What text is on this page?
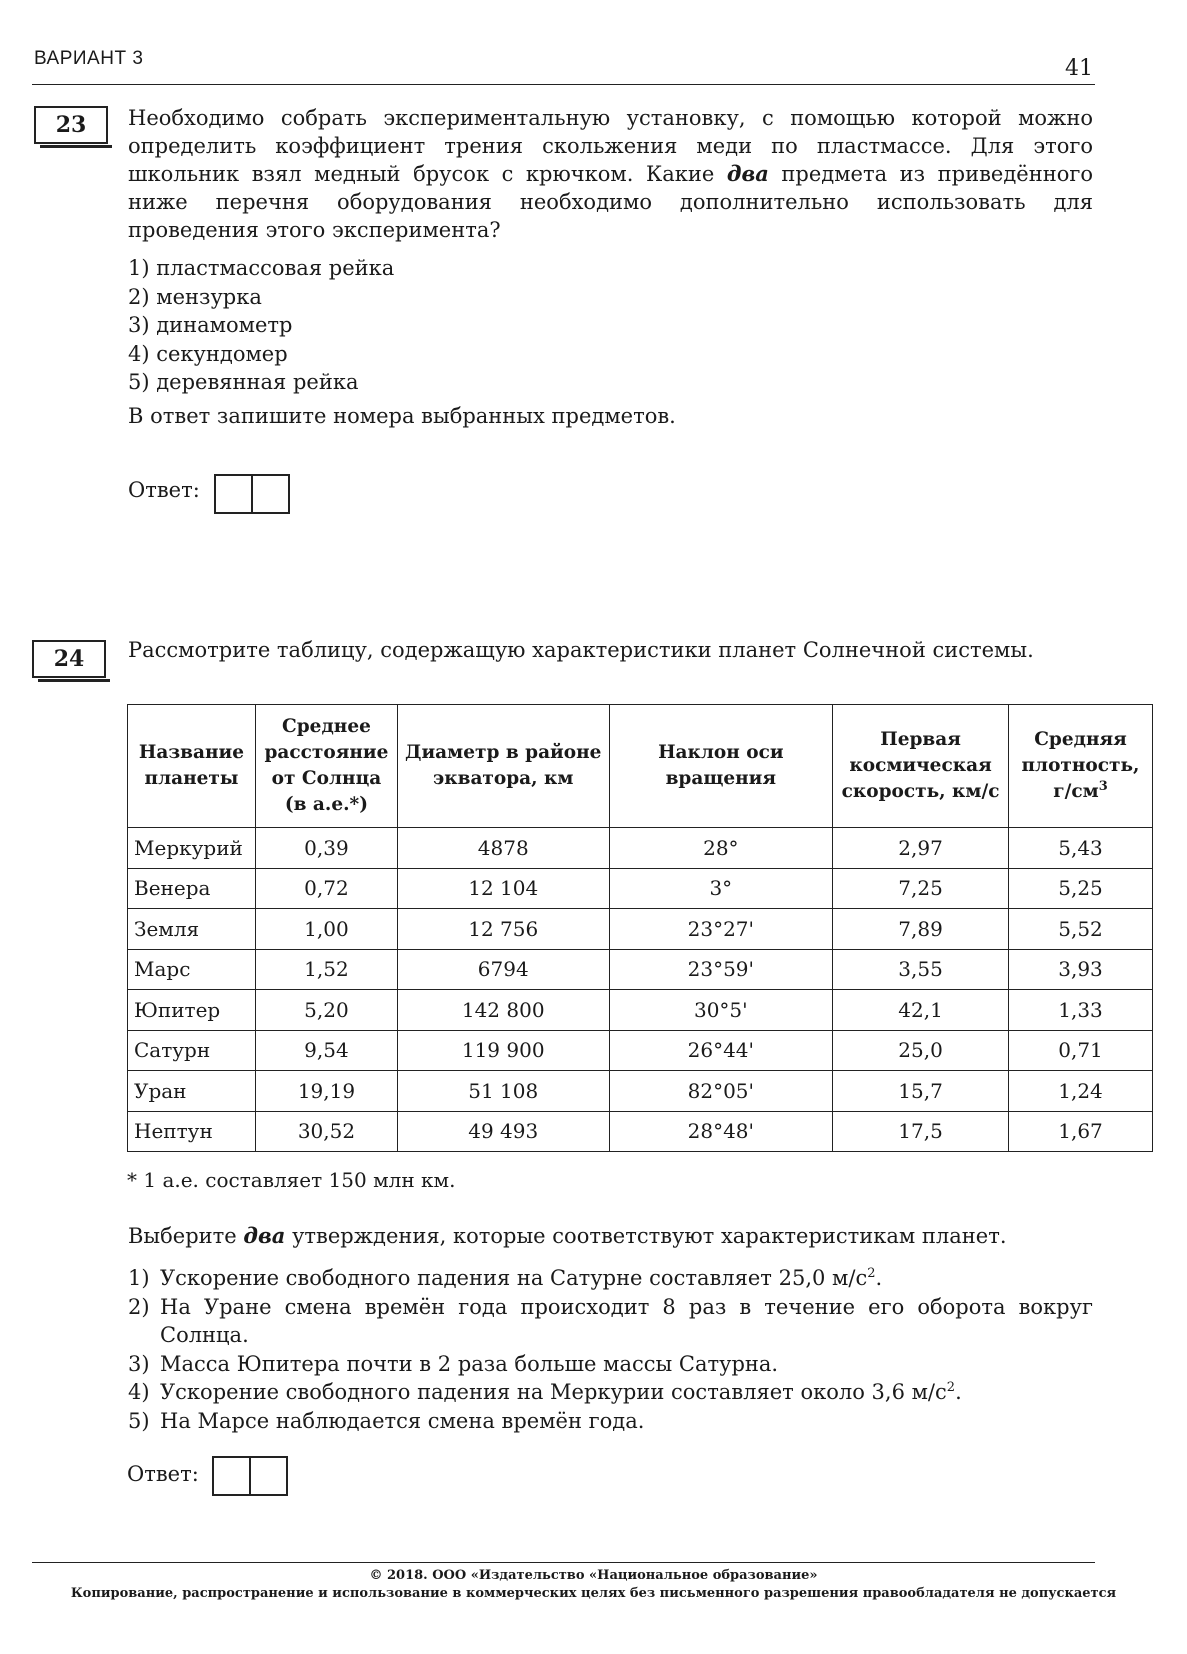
ВАРИАНТ 3	41
23	Необходимо собрать экспериментальную установку, с помощью которой можно
определить коэффициент трения скольжения меди по пластмассе. Для этого
школьник взял медный брусок с крючком. Какие два предмета из приведённого
ниже перечня оборудования необходимо дополнительно использовать для
проведения этого эксперимента?
1) пластмассовая рейка
2) мензурка
3) динамометр
4) секундомер
5) деревянная рейка
В ответ запишите номера выбранных предметов.
Ответ:
24	Рассмотрите таблицу, содержащую характеристики планет Солнечной системы.
Название планеты	Среднее расстояние от Солнца (в а.е.*)	Диаметр в районе экватора, км	Наклон оси вращения	Первая космическая скорость, км/с	Средняя плотность, $г/см^3$
Меркурий	0,39	4878	28°	2,97	5,43
Венера	0,72	12 104	3°	7,25	5,25
Земля	1,00	12 756	23°27'	7,89	5,52
Марс	1,52	6794	23°59'	3,55	3,93
Юпитер	5,20	142 800	30°5'	42,1	1,33
Сатурн	9,54	119 900	26°44'	25,0	0,71
Уран	19,19	51 108	82°05'	15,7	1,24
Нептун	30,52	49 493	28°48'	17,5	1,67
* 1 а.е. составляет 150 млн км.
Выберите два утверждения, которые соответствуют характеристикам планет.
1) Ускорение свободного падения на Сатурне составляет 25,0 $м/с^2$.
2) На Уране смена времён года происходит 8 раз в течение его оборота вокруг
Солнца.
3) Масса Юпитера почти в 2 раза больше массы Сатурна.
4) Ускорение свободного падения на Меркурии составляет около 3,6 $м/с^2$.
5) На Марсе наблюдается смена времён года.
Ответ:
© 2018. ООО «Издательство «Национальное образование»
Копирование, распространение и использование в коммерческих целях без письменного разрешения правообладателя не допускается
